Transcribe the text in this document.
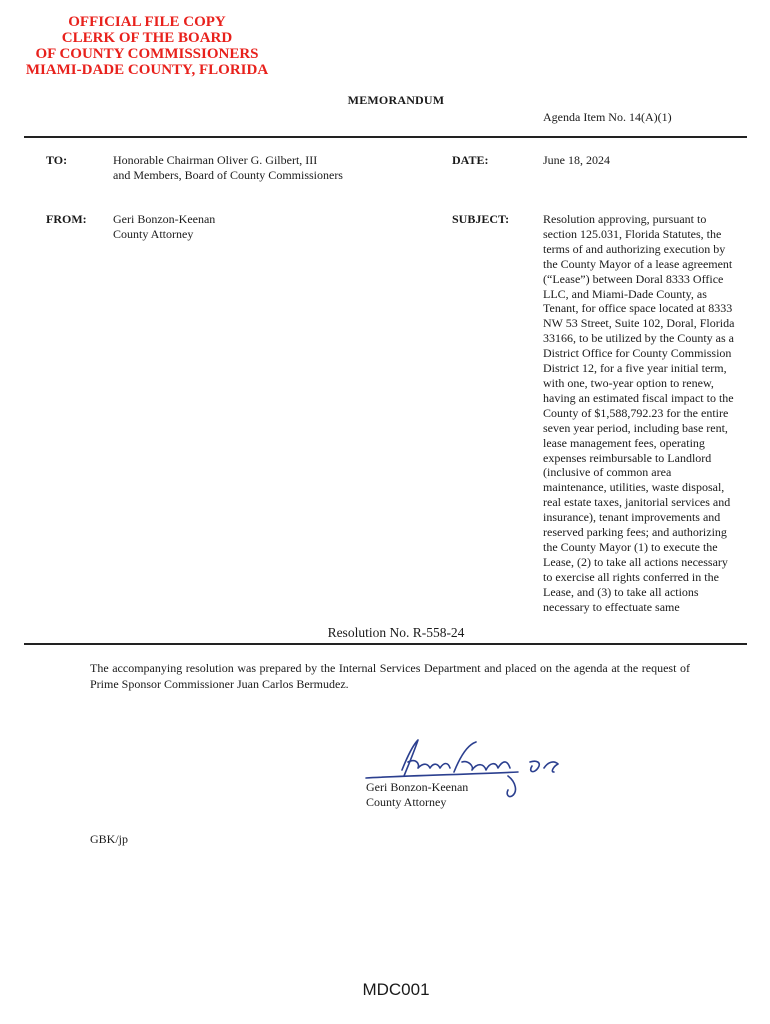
OFFICIAL FILE COPY
CLERK OF THE BOARD
OF COUNTY COMMISSIONERS
MIAMI-DADE COUNTY, FLORIDA
MEMORANDUM
Agenda Item No. 14(A)(1)
TO:	Honorable Chairman Oliver G. Gilbert, III
and Members, Board of County Commissioners
DATE:	June 18, 2024
FROM: Geri Bonzon-Keenan
County Attorney
SUBJECT:	Resolution approving, pursuant to
section 125.031, Florida Statutes, the
terms of and authorizing execution by
the County Mayor of a lease agreement
(“Lease”) between Doral 8333 Office
LLC, and Miami-Dade County, as
Tenant, for office space located at 8333
NW 53 Street, Suite 102, Doral, Florida
33166, to be utilized by the County as a
District Office for County Commission
District 12, for a five year initial term,
with one, two-year option to renew,
having an estimated fiscal impact to the
County of $1,588,792.23 for the entire
seven year period, including base rent,
lease management fees, operating
expenses reimbursable to Landlord
(inclusive of common area
maintenance, utilities, waste disposal,
real estate taxes, janitorial services and
insurance), tenant improvements and
reserved parking fees; and authorizing
the County Mayor (1) to execute the
Lease, (2) to take all actions necessary
to exercise all rights conferred in the
Lease, and (3) to take all actions
necessary to effectuate same
Resolution No. R-558-24
The accompanying resolution was prepared by the Internal Services Department and placed on the agenda at the request of Prime Sponsor Commissioner Juan Carlos Bermudez.
Geri Bonzon-Keenan
County Attorney
GBK/jp
MDC001
